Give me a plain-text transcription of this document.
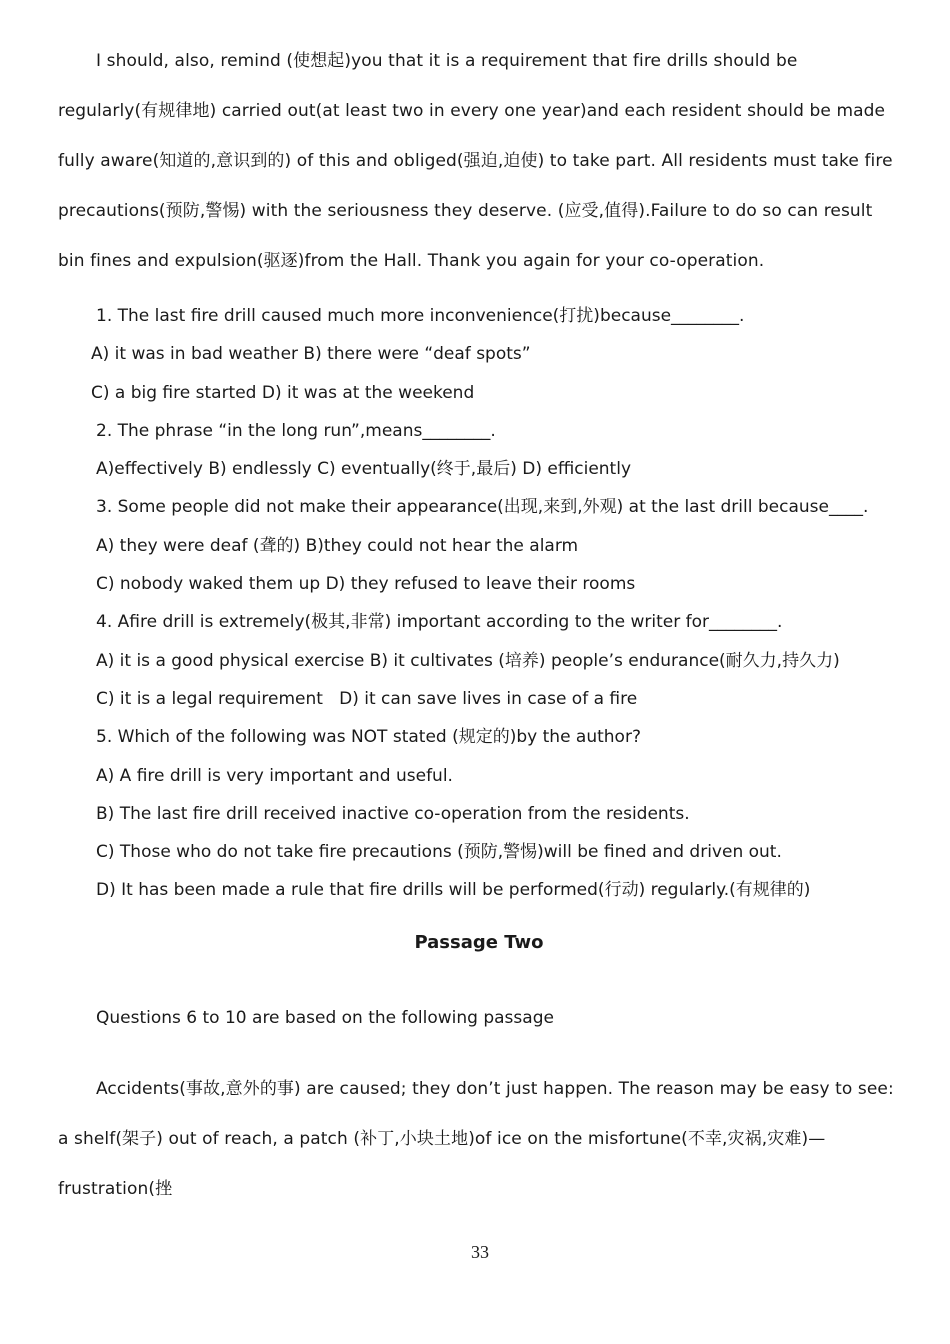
I should, also, remind (使想起)you that it is a requirement that fire drills should be regularly(有规律地) carried out(at least two in every one year)and each resident should be made fully aware(知道的,意识到的) of this and obliged(强迫,迫使) to take part. All residents must take fire precautions(预防,警惕) with the seriousness they deserve. (应受,值得).Failure to do so can result bin fines and expulsion(驱逐)from the Hall. Thank you again for your co-operation.

1. The last fire drill caused much more inconvenience(打扰)because________.
A) it was in bad weather B) there were “deaf spots”
C) a big fire started D) it was at the weekend
2. The phrase “in the long run”,means________.
A)effectively B) endlessly C) eventually(终于,最后) D) efficiently
3. Some people did not make their appearance(出现,来到,外观) at the last drill because____.
A) they were deaf (聋的) B)they could not hear the alarm
C) nobody waked them up D) they refused to leave their rooms
4. Afire drill is extremely(极其,非常) important according to the writer for________.
A) it is a good physical exercise B) it cultivates (培养) people’s endurance(耐久力,持久力)
C) it is a legal requirement   D) it can save lives in case of a fire
5. Which of the following was NOT stated (规定的)by the author?
A) A fire drill is very important and useful.
B) The last fire drill received inactive co-operation from the residents.
C) Those who do not take fire precautions (预防,警惕)will be fined and driven out.
D) It has been made a rule that fire drills will be performed(行动) regularly.(有规律的)
Passage Two

Questions 6 to 10 are based on the following passage

Accidents(事故,意外的事) are caused; they don’t just happen. The reason may be easy to see: a shelf(架子) out of reach, a patch (补丁,小块土地)of ice on the misfortune(不幸,灾祸,灾难)—frustration(挫

33
